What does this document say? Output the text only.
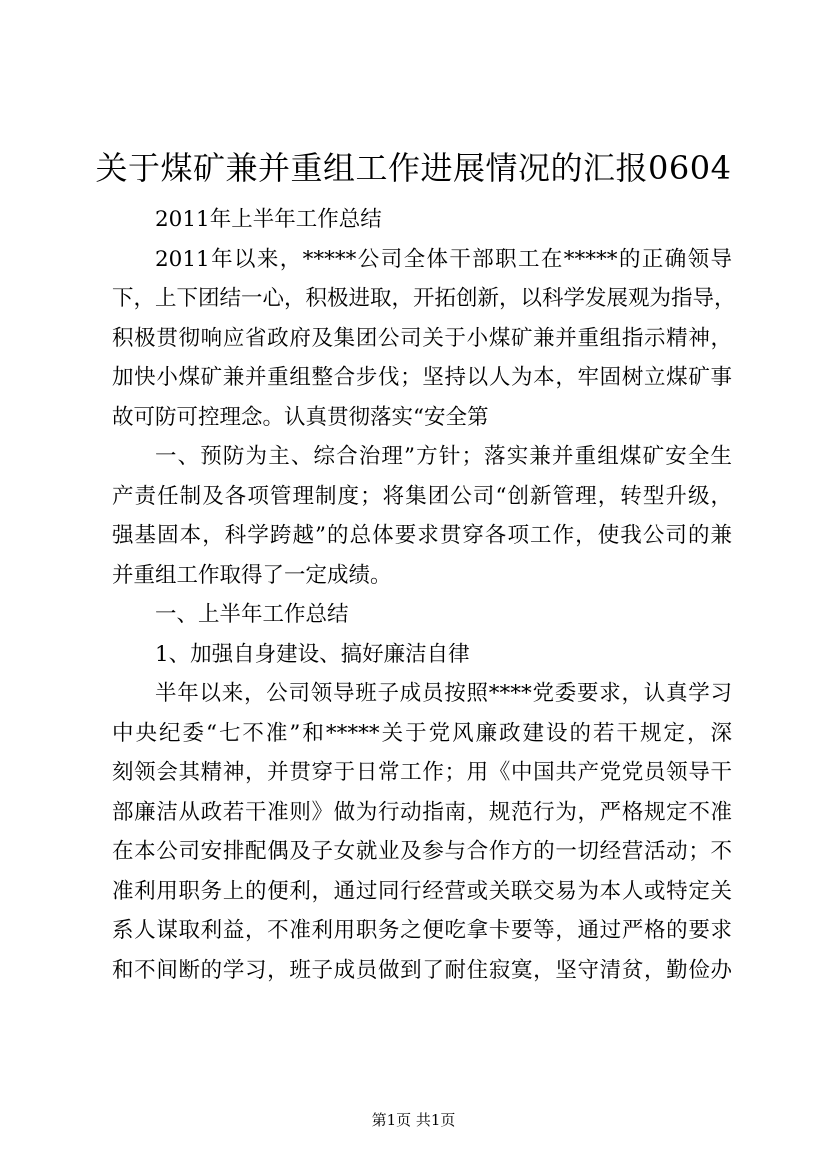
关于煤矿兼并重组工作进展情况的汇报0604
2011年上半年工作总结
2011年以来，*****公司全体干部职工在*****的正确领导
下，上下团结一心，积极进取，开拓创新，以科学发展观为指导，
积极贯彻响应省政府及集团公司关于小煤矿兼并重组指示精神，
加快小煤矿兼并重组整合步伐；坚持以人为本，牢固树立煤矿事
故可防可控理念。认真贯彻落实“安全第
一、预防为主、综合治理”方针；落实兼并重组煤矿安全生
产责任制及各项管理制度；将集团公司“创新管理，转型升级，
强基固本，科学跨越”的总体要求贯穿各项工作，使我公司的兼
并重组工作取得了一定成绩。
一、上半年工作总结
1、加强自身建设、搞好廉洁自律
半年以来，公司领导班子成员按照****党委要求，认真学习
中央纪委“七不准”和*****关于党风廉政建设的若干规定，深
刻领会其精神，并贯穿于日常工作；用《中国共产党党员领导干
部廉洁从政若干准则》做为行动指南，规范行为，严格规定不准
在本公司安排配偶及子女就业及参与合作方的一切经营活动；不
准利用职务上的便利，通过同行经营或关联交易为本人或特定关
系人谋取利益，不准利用职务之便吃拿卡要等，通过严格的要求
和不间断的学习，班子成员做到了耐住寂寞，坚守清贫，勤俭办
第1页 共1页
